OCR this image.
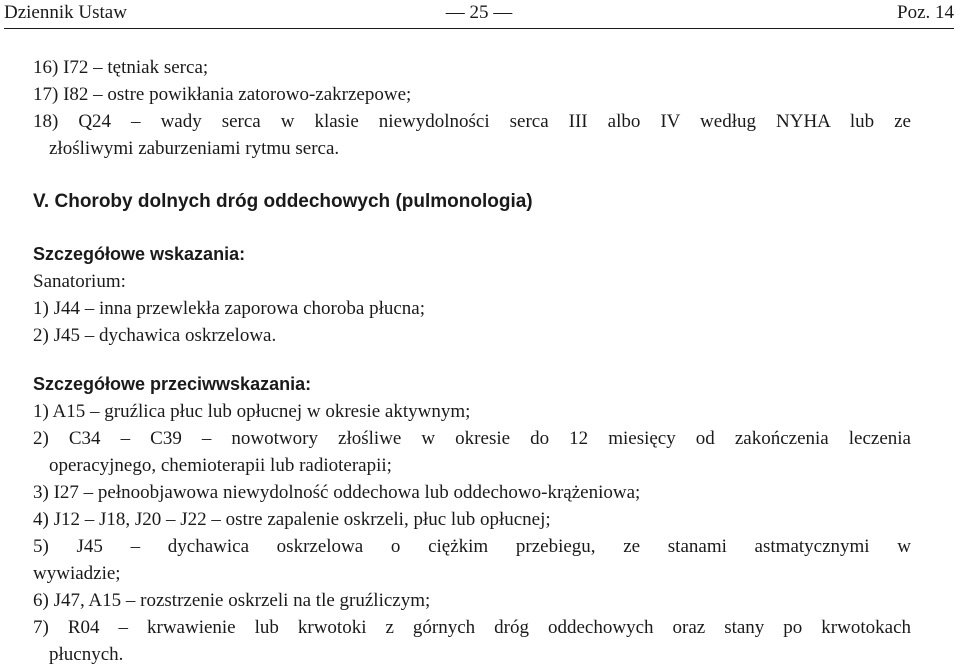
Dziennik Ustaw	— 25 —	Poz. 14

16) I72 – tętniak serca;

17) I82 – ostre powikłania zatorowo-zakrzepowe;

18) Q24 – wady serca w klasie niewydolności serca III albo IV według NYHA lub ze

złośliwymi zaburzeniami rytmu serca.

V. Choroby dolnych dróg oddechowych (pulmonologia)

Szczegółowe wskazania:

Sanatorium:

1) J44 – inna przewlekła zaporowa choroba płucna;

2) J45 – dychawica oskrzelowa.

Szczegółowe przeciwwskazania:

1) A15 – gruźlica płuc lub opłucnej w okresie aktywnym;

2) C34 – C39 – nowotwory złośliwe w okresie do 12 miesięcy od zakończenia leczenia

operacyjnego, chemioterapii lub radioterapii;

3) I27 – pełnoobjawowa niewydolność oddechowa lub oddechowo-krążeniowa;

4) J12 – J18, J20 – J22 – ostre zapalenie oskrzeli, płuc lub opłucnej;

5) J45 – dychawica oskrzelowa o ciężkim przebiegu, ze stanami astmatycznymi w

wywiadzie;

6) J47, A15 – rozstrzenie oskrzeli na tle gruźliczym;

7) R04 – krwawienie lub krwotoki z górnych dróg oddechowych oraz stany po krwotokach

płucnych.
